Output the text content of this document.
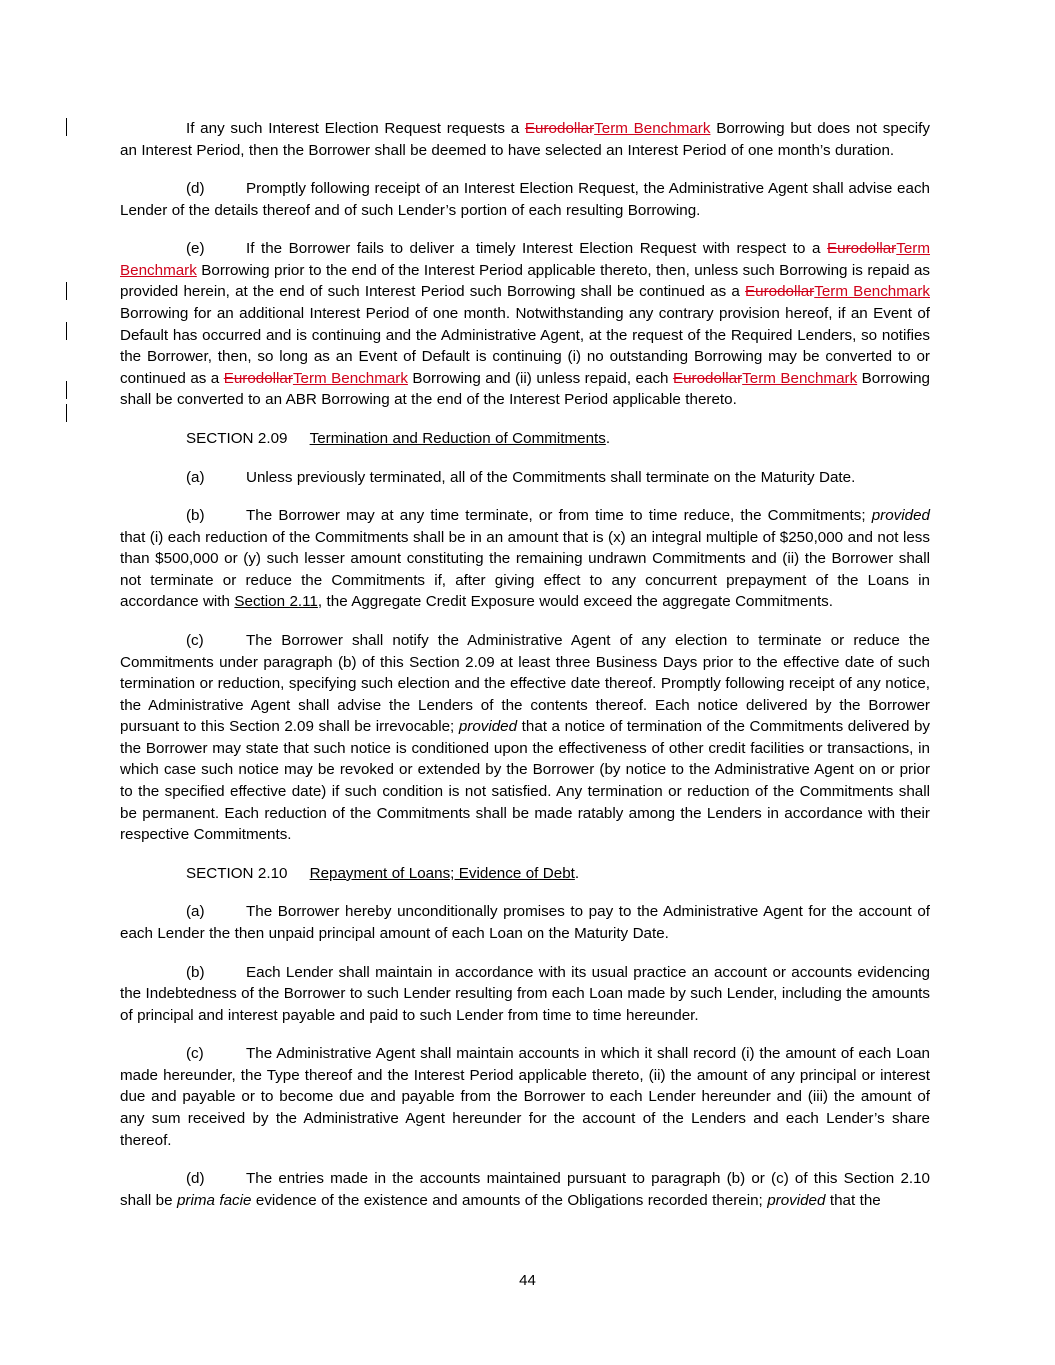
If any such Interest Election Request requests a EurodollarTerm Benchmark Borrowing but does not specify an Interest Period, then the Borrower shall be deemed to have selected an Interest Period of one month’s duration.

(d)	Promptly following receipt of an Interest Election Request, the Administrative Agent shall advise each Lender of the details thereof and of such Lender’s portion of each resulting Borrowing.

(e)	If the Borrower fails to deliver a timely Interest Election Request with respect to a EurodollarTerm Benchmark Borrowing prior to the end of the Interest Period applicable thereto, then, unless such Borrowing is repaid as provided herein, at the end of such Interest Period such Borrowing shall be continued as a EurodollarTerm Benchmark Borrowing for an additional Interest Period of one month. Notwithstanding any contrary provision hereof, if an Event of Default has occurred and is continuing and the Administrative Agent, at the request of the Required Lenders, so notifies the Borrower, then, so long as an Event of Default is continuing (i) no outstanding Borrowing may be converted to or continued as a EurodollarTerm Benchmark Borrowing and (ii) unless repaid, each EurodollarTerm Benchmark Borrowing shall be converted to an ABR Borrowing at the end of the Interest Period applicable thereto.

SECTION 2.09 Termination and Reduction of Commitments.

(a)	Unless previously terminated, all of the Commitments shall terminate on the Maturity Date.

(b)	The Borrower may at any time terminate, or from time to time reduce, the Commitments; provided that (i) each reduction of the Commitments shall be in an amount that is (x) an integral multiple of $250,000 and not less than $500,000 or (y) such lesser amount constituting the remaining undrawn Commitments and (ii) the Borrower shall not terminate or reduce the Commitments if, after giving effect to any concurrent prepayment of the Loans in accordance with Section 2.11, the Aggregate Credit Exposure would exceed the aggregate Commitments.

(c)	The Borrower shall notify the Administrative Agent of any election to terminate or reduce the Commitments under paragraph (b) of this Section 2.09 at least three Business Days prior to the effective date of such termination or reduction, specifying such election and the effective date thereof. Promptly following receipt of any notice, the Administrative Agent shall advise the Lenders of the contents thereof. Each notice delivered by the Borrower pursuant to this Section 2.09 shall be irrevocable; provided that a notice of termination of the Commitments delivered by the Borrower may state that such notice is conditioned upon the effectiveness of other credit facilities or transactions, in which case such notice may be revoked or extended by the Borrower (by notice to the Administrative Agent on or prior to the specified effective date) if such condition is not satisfied. Any termination or reduction of the Commitments shall be permanent. Each reduction of the Commitments shall be made ratably among the Lenders in accordance with their respective Commitments.

SECTION 2.10 Repayment of Loans; Evidence of Debt.

(a)	The Borrower hereby unconditionally promises to pay to the Administrative Agent for the account of each Lender the then unpaid principal amount of each Loan on the Maturity Date.

(b)	Each Lender shall maintain in accordance with its usual practice an account or accounts evidencing the Indebtedness of the Borrower to such Lender resulting from each Loan made by such Lender, including the amounts of principal and interest payable and paid to such Lender from time to time hereunder.

(c)	The Administrative Agent shall maintain accounts in which it shall record (i) the amount of each Loan made hereunder, the Type thereof and the Interest Period applicable thereto, (ii) the amount of any principal or interest due and payable or to become due and payable from the Borrower to each Lender hereunder and (iii) the amount of any sum received by the Administrative Agent hereunder for the account of the Lenders and each Lender’s share thereof.

(d)	The entries made in the accounts maintained pursuant to paragraph (b) or (c) of this Section 2.10 shall be prima facie evidence of the existence and amounts of the Obligations recorded therein; provided that the

44
